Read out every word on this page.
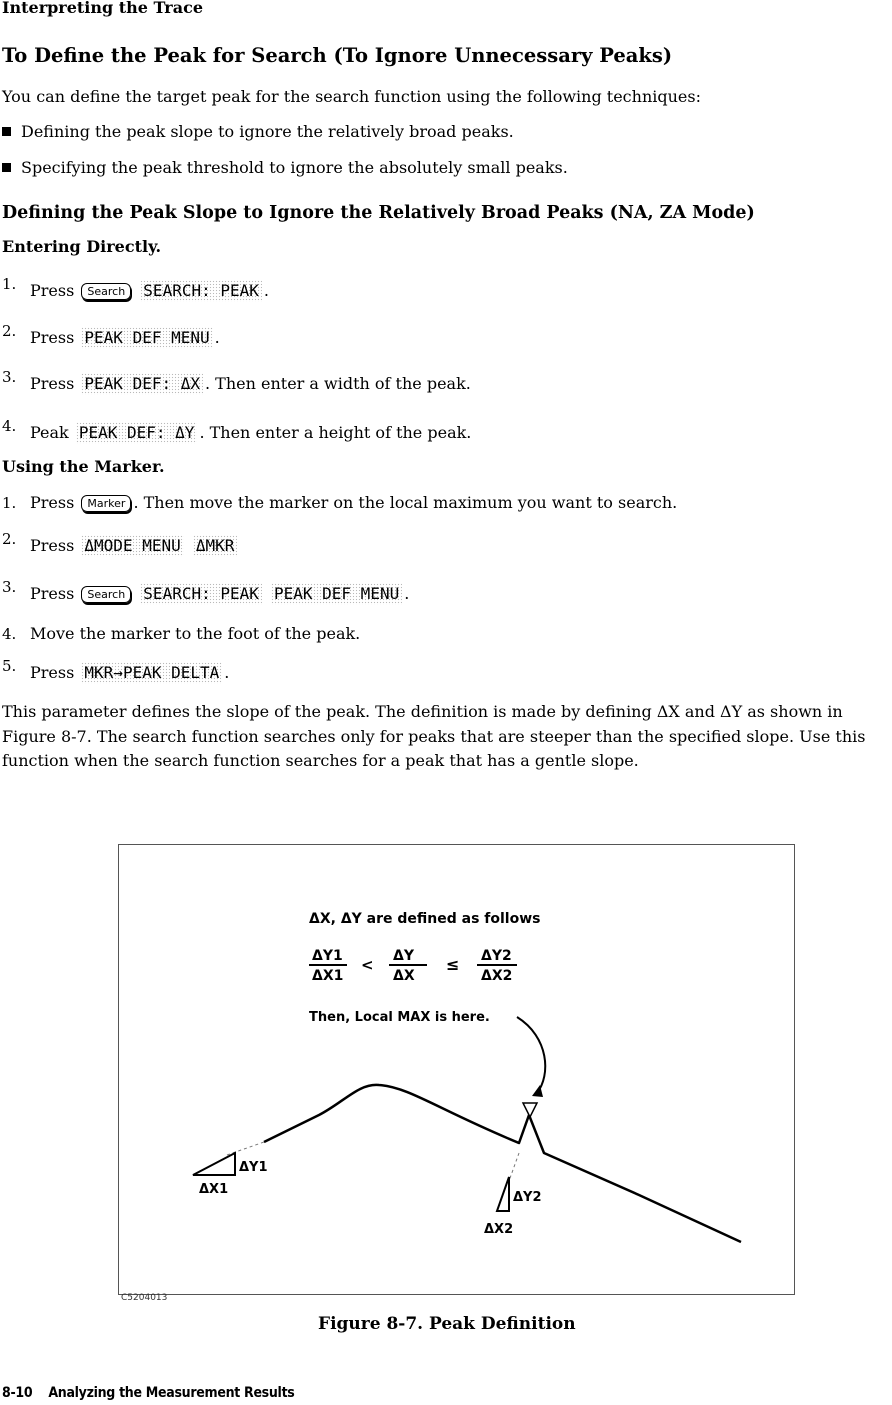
Interpreting the Trace
To Define the Peak for Search (To Ignore Unnecessary Peaks)
You can define the target peak for the search function using the following techniques:
Defining the peak slope to ignore the relatively broad peaks.
Specifying the peak threshold to ignore the absolutely small peaks.
Defining the Peak Slope to Ignore the Relatively Broad Peaks (NA, ZA Mode)
Entering Directly.
1. Press Search SEARCH: PEAK .
2. Press PEAK DEF MENU .
3. Press PEAK DEF: ΔX . Then enter a width of the peak.
4. Peak PEAK DEF: ΔY . Then enter a height of the peak.
Using the Marker.
1. Press Marker . Then move the marker on the local maximum you want to search.
2. Press ΔMODE MENU ΔMKR
3. Press Search SEARCH: PEAK PEAK DEF MENU .
4. Move the marker to the foot of the peak.
5. Press MKR→PEAK DELTA .
This parameter defines the slope of the peak. The definition is made by defining ΔX and ΔY as shown in Figure 8-7. The search function searches only for peaks that are steeper than the specified slope. Use this function when the search function searches for a peak that has a gentle slope.
ΔX, ΔY are defined as follows
ΔY1
ΔX1
< ΔY
ΔX
≤ ΔY2
ΔX2
Then, Local MAX is here.
ΔY1
ΔX1
ΔY2
ΔX2
C5204013
Figure 8-7. Peak Definition
8-10 Analyzing the Measurement Results
